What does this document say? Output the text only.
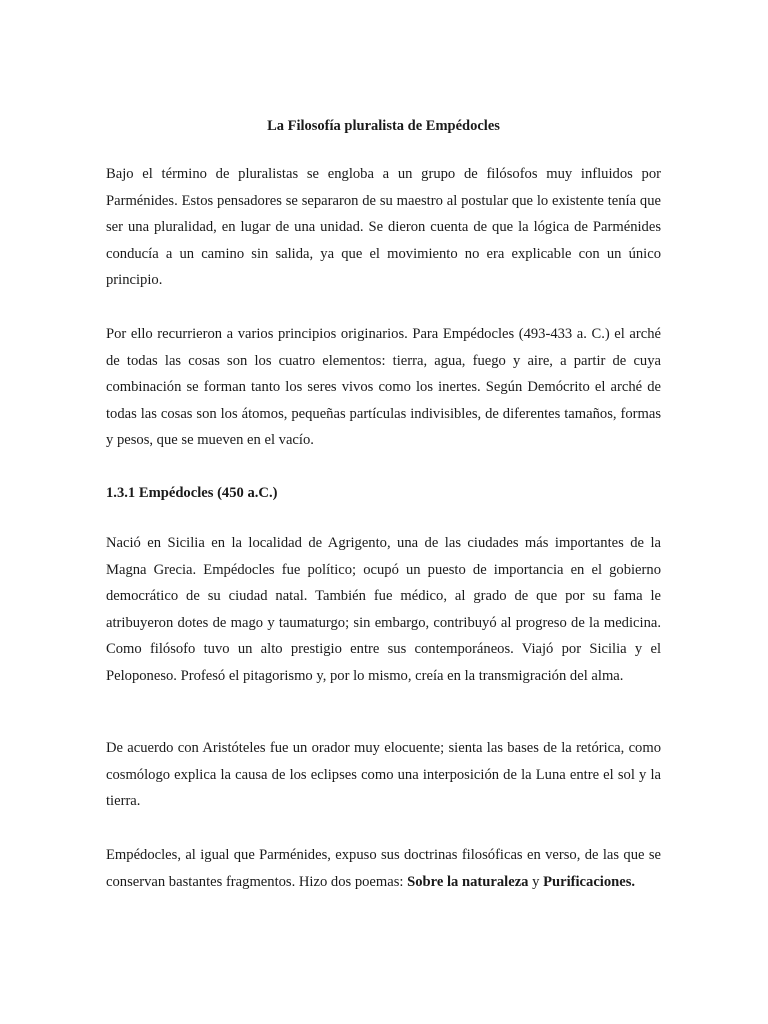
La Filosofía pluralista de Empédocles

Bajo el término de pluralistas se engloba a un grupo de filósofos muy influidos por Parménides. Estos pensadores se separaron de su maestro al postular que lo existente tenía que ser una pluralidad, en lugar de una unidad. Se dieron cuenta de que la lógica de Parménides conducía a un camino sin salida, ya que el movimiento no era explicable con un único principio.

Por ello recurrieron a varios principios originarios. Para Empédocles (493-433 a. C.) el arché de todas las cosas son los cuatro elementos: tierra, agua, fuego y aire, a partir de cuya combinación se forman tanto los seres vivos como los inertes. Según Demócrito el arché de todas las cosas son los átomos, pequeñas partículas indivisibles, de diferentes tamaños, formas y pesos, que se mueven en el vacío.

1.3.1 Empédocles (450 a.C.)

Nació en Sicilia en la localidad de Agrigento, una de las ciudades más importantes de la Magna Grecia. Empédocles fue político; ocupó un puesto de importancia en el gobierno democrático de su ciudad natal. También fue médico, al grado de que por su fama le atribuyeron dotes de mago y taumaturgo; sin embargo, contribuyó al progreso de la medicina. Como filósofo tuvo un alto prestigio entre sus contemporáneos. Viajó por Sicilia y el Peloponeso. Profesó el pitagorismo y, por lo mismo, creía en la transmigración del alma.

De acuerdo con Aristóteles fue un orador muy elocuente; sienta las bases de la retórica, como cosmólogo explica la causa de los eclipses como una interposición de la Luna entre el sol y la tierra.

Empédocles, al igual que Parménides, expuso sus doctrinas filosóficas en verso, de las que se conservan bastantes fragmentos. Hizo dos poemas: Sobre la naturaleza y Purificaciones.
